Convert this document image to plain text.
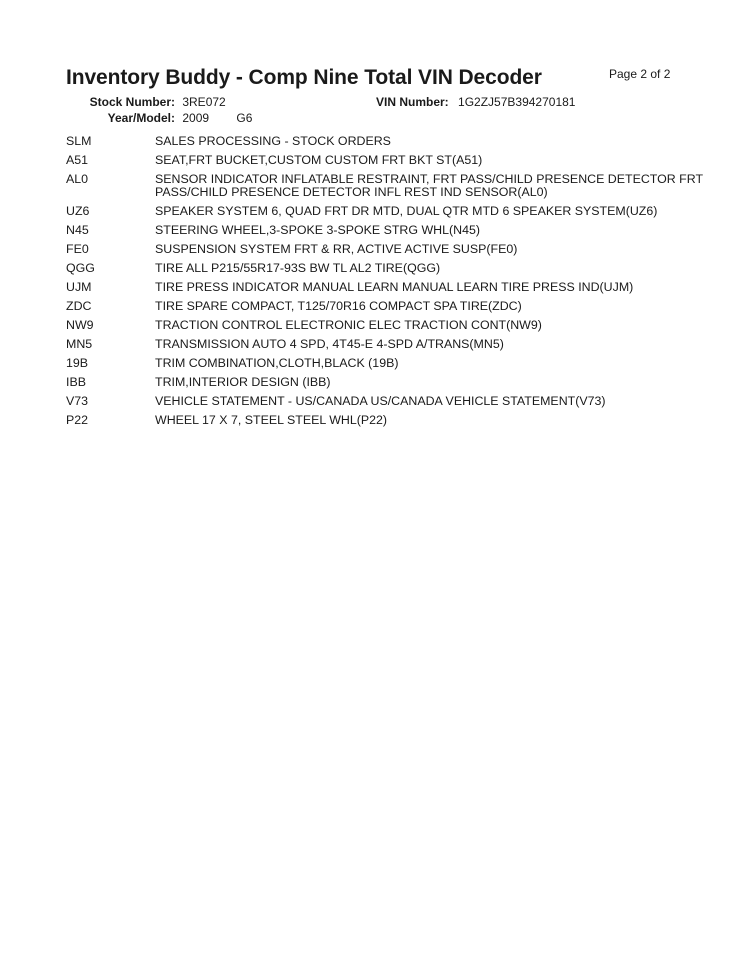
Inventory Buddy - Comp Nine Total VIN Decoder	Page 2 of 2
Stock Number: 3RE072
Year/Model: 2009 G6
VIN Number: 1G2ZJ57B394270181
SLM	SALES PROCESSING - STOCK ORDERS
A51	SEAT,FRT BUCKET,CUSTOM CUSTOM FRT BKT ST(A51)
AL0	SENSOR INDICATOR INFLATABLE RESTRAINT, FRT PASS/CHILD PRESENCE DETECTOR FRT PASS/CHILD PRESENCE DETECTOR INFL REST IND SENSOR(AL0)
UZ6	SPEAKER SYSTEM 6, QUAD FRT DR MTD, DUAL QTR MTD 6 SPEAKER SYSTEM(UZ6)
N45	STEERING WHEEL,3-SPOKE 3-SPOKE STRG WHL(N45)
FE0	SUSPENSION SYSTEM FRT & RR, ACTIVE ACTIVE SUSP(FE0)
QGG	TIRE ALL P215/55R17-93S BW TL AL2 TIRE(QGG)
UJM	TIRE PRESS INDICATOR MANUAL LEARN MANUAL LEARN TIRE PRESS IND(UJM)
ZDC	TIRE SPARE COMPACT, T125/70R16 COMPACT SPA TIRE(ZDC)
NW9	TRACTION CONTROL ELECTRONIC ELEC TRACTION CONT(NW9)
MN5	TRANSMISSION AUTO 4 SPD, 4T45-E 4-SPD A/TRANS(MN5)
19B	TRIM COMBINATION,CLOTH,BLACK (19B)
IBB	TRIM,INTERIOR DESIGN (IBB)
V73	VEHICLE STATEMENT - US/CANADA US/CANADA VEHICLE STATEMENT(V73)
P22	WHEEL 17 X 7, STEEL STEEL WHL(P22)
